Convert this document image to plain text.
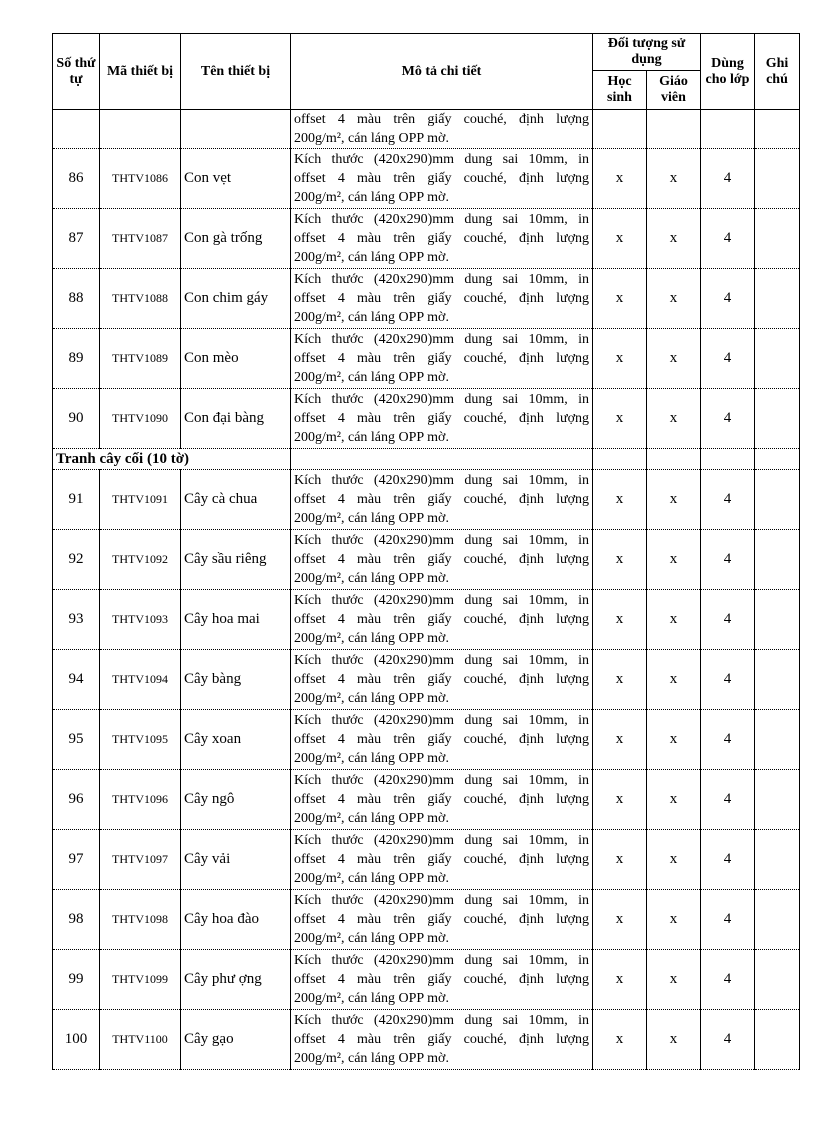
Số thứ tự	Mã thiết bị	Tên thiết bị	Mô tả chi tiết	Đối tượng sử dụng		Dùng cho lớp	Ghi chú
				Học sinh	Giáo viên		

			offset 4 màu trên giấy couché, định lượng
200g/m², cán láng OPP mờ.				

86	THTV1086	Con vẹt	Kích thước (420x290)mm dung sai 10mm, in
offset 4 màu trên giấy couché, định lượng
200g/m², cán láng OPP mờ.	x	x	4	
87	THTV1087	Con gà trống	Kích thước (420x290)mm dung sai 10mm, in
offset 4 màu trên giấy couché, định lượng
200g/m², cán láng OPP mờ.	x	x	4	
88	THTV1088	Con chim gáy	Kích thước (420x290)mm dung sai 10mm, in
offset 4 màu trên giấy couché, định lượng
200g/m², cán láng OPP mờ.	x	x	4	
89	THTV1089	Con mèo	Kích thước (420x290)mm dung sai 10mm, in
offset 4 màu trên giấy couché, định lượng
200g/m², cán láng OPP mờ.	x	x	4	
90	THTV1090	Con đại bàng	Kích thước (420x290)mm dung sai 10mm, in
offset 4 màu trên giấy couché, định lượng
200g/m², cán láng OPP mờ.	x	x	4	
Tranh cây cối (10 tờ)							
91	THTV1091	Cây cà chua	Kích thước (420x290)mm dung sai 10mm, in
offset 4 màu trên giấy couché, định lượng
200g/m², cán láng OPP mờ.	x	x	4	
92	THTV1092	Cây sầu riêng	Kích thước (420x290)mm dung sai 10mm, in
offset 4 màu trên giấy couché, định lượng
200g/m², cán láng OPP mờ.	x	x	4	
93	THTV1093	Cây hoa mai	Kích thước (420x290)mm dung sai 10mm, in
offset 4 màu trên giấy couché, định lượng
200g/m², cán láng OPP mờ.	x	x	4	
94	THTV1094	Cây bàng	Kích thước (420x290)mm dung sai 10mm, in
offset 4 màu trên giấy couché, định lượng
200g/m², cán láng OPP mờ.	x	x	4	
95	THTV1095	Cây xoan	Kích thước (420x290)mm dung sai 10mm, in
offset 4 màu trên giấy couché, định lượng
200g/m², cán láng OPP mờ.	x	x	4	
96	THTV1096	Cây ngô	Kích thước (420x290)mm dung sai 10mm, in
offset 4 màu trên giấy couché, định lượng
200g/m², cán láng OPP mờ.	x	x	4	
97	THTV1097	Cây vải	Kích thước (420x290)mm dung sai 10mm, in
offset 4 màu trên giấy couché, định lượng
200g/m², cán láng OPP mờ.	x	x	4	
98	THTV1098	Cây hoa đào	Kích thước (420x290)mm dung sai 10mm, in
offset 4 màu trên giấy couché, định lượng
200g/m², cán láng OPP mờ.	x	x	4	
99	THTV1099	Cây phư ợng	Kích thước (420x290)mm dung sai 10mm, in
offset 4 màu trên giấy couché, định lượng
200g/m², cán láng OPP mờ.	x	x	4	
100	THTV1100	Cây gạo	Kích thước (420x290)mm dung sai 10mm, in
offset 4 màu trên giấy couché, định lượng
200g/m², cán láng OPP mờ.	x	x	4	
